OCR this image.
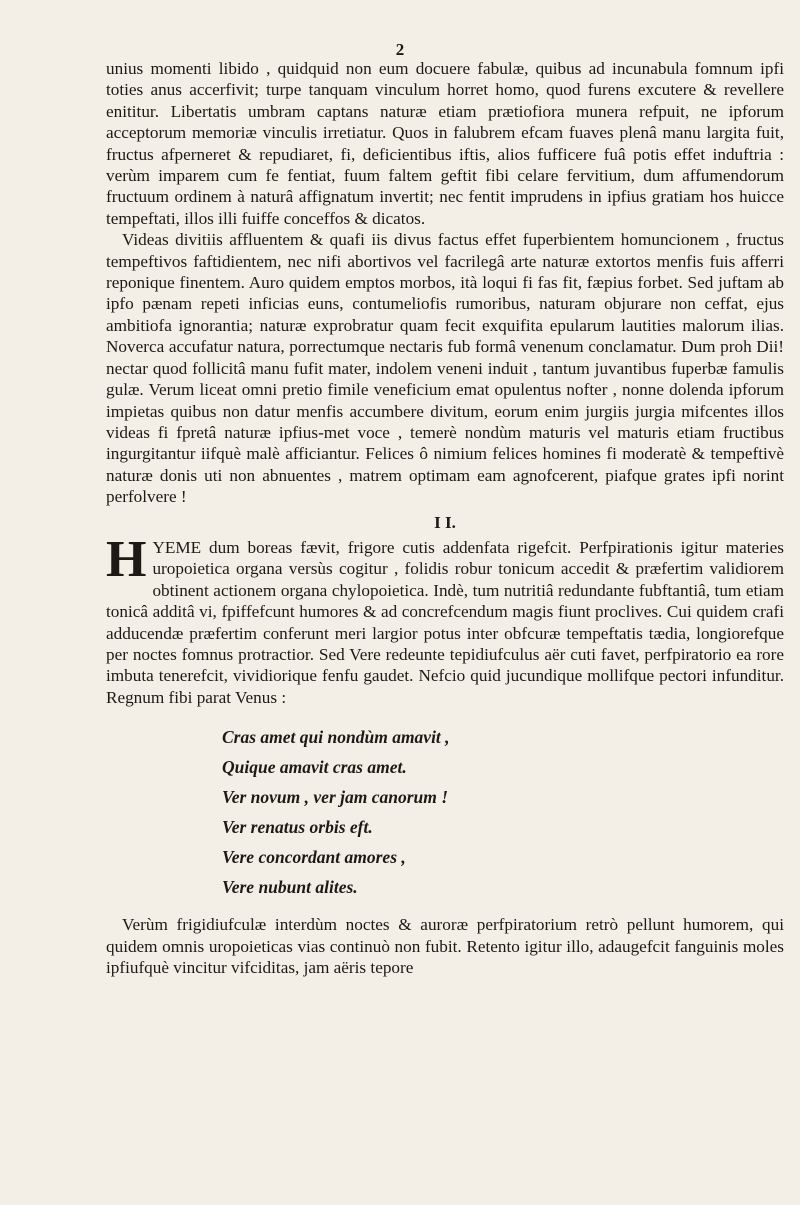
2

unius momenti libido , quidquid non eum docuere fabulæ, quibus ad incunabula fomnum ipfi toties anus accerfivit; turpe tanquam vinculum horret homo, quod furens excutere & revellere enititur. Libertatis umbram captans naturæ etiam prætiofiora munera refpuit, ne ipforum acceptorum memoriæ vinculis irretiatur. Quos in falubrem efcam fuaves plenâ manu largita fuit, fructus afperneret & repudiaret, fi, deficientibus iftis, alios fufficere fuâ potis effet induftria : verùm imparem cum fe fentiat, fuum faltem geftit fibi celare fervitium, dum affumendorum fructuum ordinem à naturâ affignatum invertit; nec fentit imprudens in ipfius gratiam hos huicce tempeftati, illos illi fuiffe conceffos & dicatos.

Videas divitiis affluentem & quafi iis divus factus effet fuperbientem homuncionem , fructus tempeftivos faftidientem, nec nifi abortivos vel facrilegâ arte naturæ extortos menfis fuis afferri reponique finentem. Auro quidem emptos morbos, ità loqui fi fas fit, fæpius forbet. Sed juftam ab ipfo pænam repeti inficias euns, contumeliofis rumoribus, naturam objurare non ceffat, ejus ambitiofa ignorantia; naturæ exprobratur quam fecit exquifita epularum lautities malorum ilias. Noverca accufatur natura, porrectumque nectaris fub formâ venenum conclamatur. Dum proh Dii! nectar quod follicitâ manu fufit mater, indolem veneni induit , tantum juvantibus fuperbæ famulis gulæ. Verum liceat omni pretio fimile veneficium emat opulentus nofter , nonne dolenda ipforum impietas quibus non datur menfis accumbere divitum, eorum enim jurgiis jurgia mifcentes illos videas fi fpretâ naturæ ipfius-met voce , temerè nondùm maturis vel maturis etiam fructibus ingurgitantur iifquè malè afficiantur. Felices ô nimium felices homines fi moderatè & tempeftivè naturæ donis uti non abnuentes , matrem optimam eam agnofcerent, piafque grates ipfi norint perfolvere !

I I.

H YEME dum boreas fævit, frigore cutis addenfata rigefcit. Perfpirationis igitur materies uropoietica organa versùs cogitur , folidis robur tonicum accedit & præfertim validiorem obtinent actionem organa chylopoietica. Indè, tum nutritiâ redundante fubftantiâ, tum etiam tonicâ additâ vi, fpiffefcunt humores & ad concrefcendum magis fiunt proclives. Cui quidem crafi adducendæ præfertim conferunt meri largior potus inter obfcuræ tempeftatis tædia, longiorefque per noctes fomnus protractior. Sed Vere redeunte tepidiufculus aër cuti favet, perfpiratorio ea rore imbuta tenerefcit, vividiorique fenfu gaudet. Nefcio quid jucundique mollifque pectori infunditur. Regnum fibi parat Venus :

Cras amet qui nondùm amavit ,
Quique amavit cras amet.
Ver novum , ver jam canorum !
Ver renatus orbis eft.
Vere concordant amores ,
Vere nubunt alites.

Verùm frigidiufculæ interdùm noctes & auroræ perfpiratorium retrò pellunt humorem, qui quidem omnis uropoieticas vias continuò non fubit. Retento igitur illo, adaugefcit fanguinis moles ipfiufquè vincitur vifciditas, jam aëris tepore
